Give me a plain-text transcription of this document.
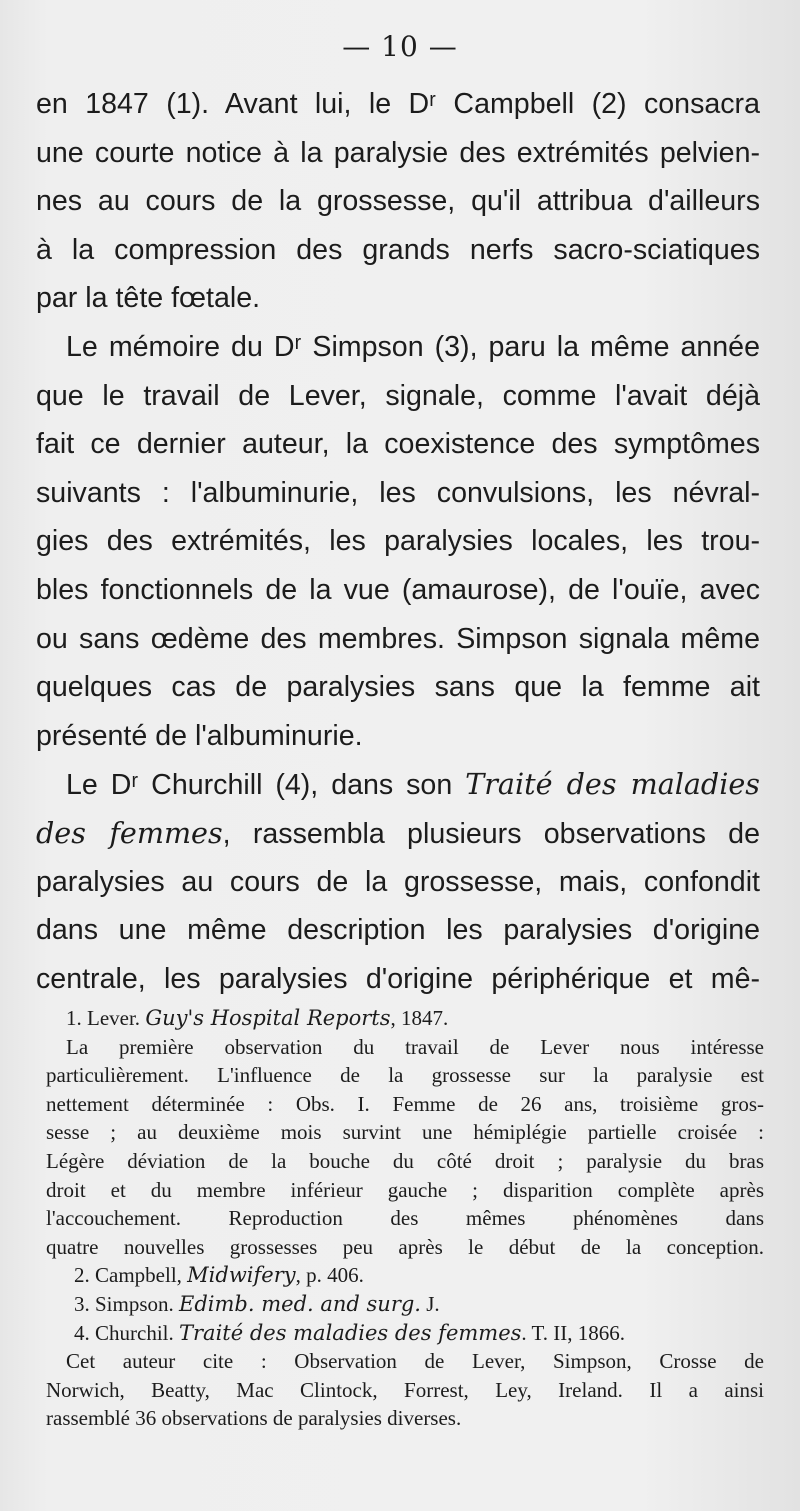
— 10 —
en 1847 (1). Avant lui, le Dʳ Campbell (2) consacra
une courte notice à la paralysie des extrémités pelvien-
nes au cours de la grossesse, qu'il attribua d'ailleurs
à la compression des grands nerfs sacro-sciatiques
par la tête fœtale.
Le mémoire du Dʳ Simpson (3), paru la même année
que le travail de Lever, signale, comme l'avait déjà
fait ce dernier auteur, la coexistence des symptômes
suivants : l'albuminurie, les convulsions, les névral-
gies des extrémités, les paralysies locales, les trou-
bles fonctionnels de la vue (amaurose), de l'ouïe, avec
ou sans œdème des membres. Simpson signala même
quelques cas de paralysies sans que la femme ait
présenté de l'albuminurie.
Le Dʳ Churchill (4), dans son Traité des maladies
des femmes, rassembla plusieurs observations de
paralysies au cours de la grossesse, mais, confondit
dans une même description les paralysies d'origine
centrale, les paralysies d'origine périphérique et mê-
1. Lever. Guy's Hospital Reports, 1847.
La première observation du travail de Lever nous intéresse
particulièrement. L'influence de la grossesse sur la paralysie est
nettement déterminée : Obs. I. Femme de 26 ans, troisième gros-
sesse ; au deuxième mois survint une hémiplégie partielle croisée :
Légère déviation de la bouche du côté droit ; paralysie du bras
droit et du membre inférieur gauche ; disparition complète après
l'accouchement. Reproduction des mêmes phénomènes dans
quatre nouvelles grossesses peu après le début de la conception.
2. Campbell, Midwifery, p. 406.
3. Simpson. Edimb. med. and surg. J.
4. Churchil. Traité des maladies des femmes. T. II, 1866.
Cet auteur cite : Observation de Lever, Simpson, Crosse de
Norwich, Beatty, Mac Clintock, Forrest, Ley, Ireland. Il a ainsi
rassemblé 36 observations de paralysies diverses.
